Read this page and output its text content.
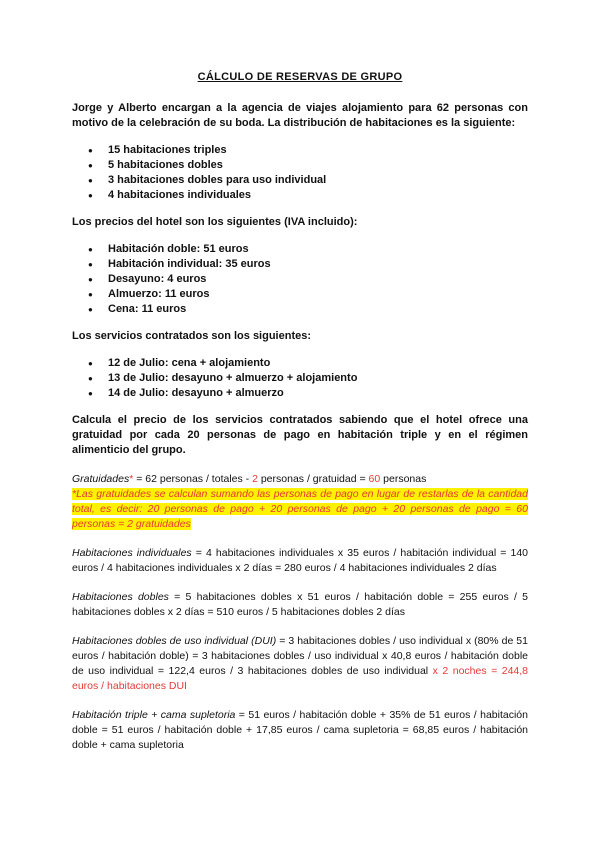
CÁLCULO DE RESERVAS DE GRUPO

Jorge y Alberto encargan a la agencia de viajes alojamiento para 62 personas con motivo de la celebración de su boda. La distribución de habitaciones es la siguiente:

● 15 habitaciones triples
● 5 habitaciones dobles
● 3 habitaciones dobles para uso individual
● 4 habitaciones individuales

Los precios del hotel son los siguientes (IVA incluido):

● Habitación doble: 51 euros
● Habitación individual: 35 euros
● Desayuno: 4 euros
● Almuerzo: 11 euros
● Cena: 11 euros

Los servicios contratados son los siguientes:

● 12 de Julio: cena + alojamiento
● 13 de Julio: desayuno + almuerzo + alojamiento
● 14 de Julio: desayuno + almuerzo

Calcula el precio de los servicios contratados sabiendo que el hotel ofrece una gratuidad por cada 20 personas de pago en habitación triple y en el régimen alimenticio del grupo.

Gratuidades* = 62 personas / totales - 2 personas / gratuidad = 60 personas

*Las gratuidades se calculan sumando las personas de pago en lugar de restarlas de la cantidad total, es decir: 20 personas de pago + 20 personas de pago + 20 personas de pago = 60 personas = 2 gratuidades

Habitaciones individuales = 4 habitaciones individuales x 35 euros / habitación individual = 140 euros / 4 habitaciones individuales x 2 días = 280 euros / 4 habitaciones individuales 2 días

Habitaciones dobles = 5 habitaciones dobles x 51 euros / habitación doble = 255 euros / 5 habitaciones dobles x 2 días = 510 euros / 5 habitaciones dobles 2 días

Habitaciones dobles de uso individual (DUI) = 3 habitaciones dobles / uso individual x (80% de 51 euros / habitación doble) = 3 habitaciones dobles / uso individual x 40,8 euros / habitación doble de uso individual = 122,4 euros / 3 habitaciones dobles de uso individual x 2 noches = 244,8 euros / habitaciones DUI

Habitación triple + cama supletoria = 51 euros / habitación doble + 35% de 51 euros / habitación doble = 51 euros / habitación doble + 17,85 euros / cama supletoria = 68,85 euros / habitación doble + cama supletoria
